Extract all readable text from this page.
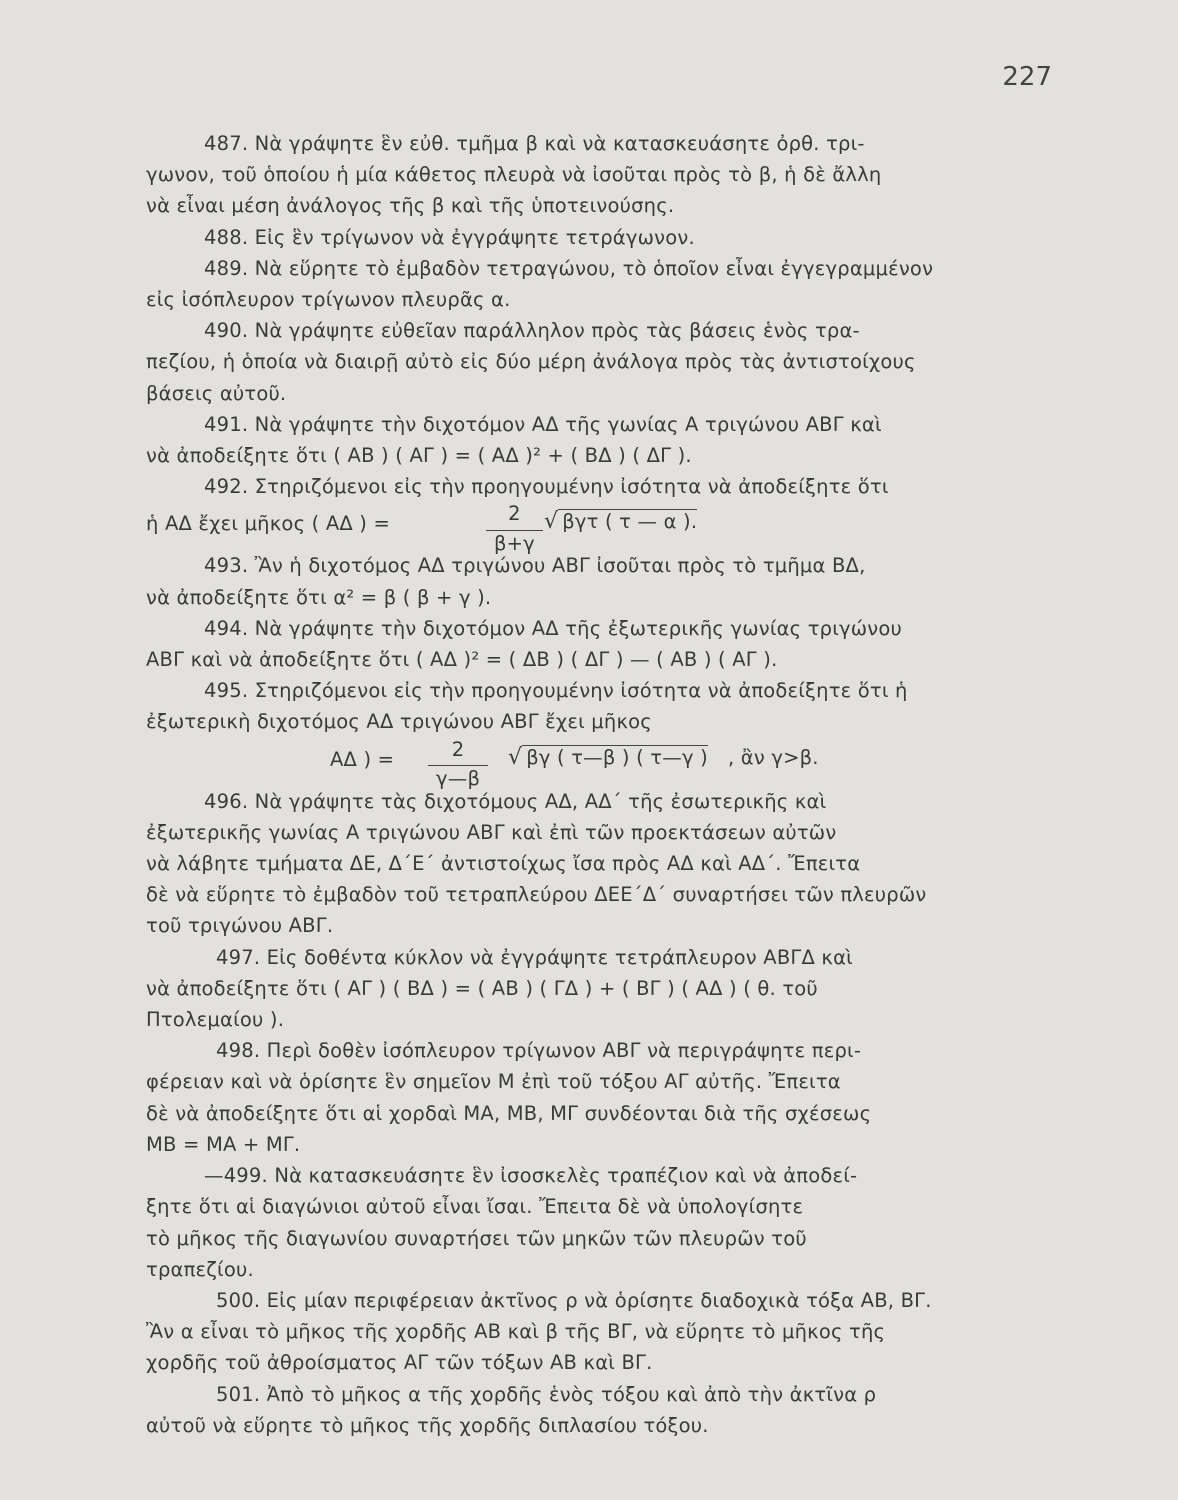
227
487. Νὰ γράψητε ἓν εὐθ. τμῆμα β καὶ νὰ κατασκευάσητε ὀρθ. τρι-
γωνον, τοῦ ὁποίου ἡ μία κάθετος πλευρὰ νὰ ἰσοῦται πρὸς τὸ β, ἡ δὲ ἄλλη
νὰ εἶναι μέση ἀνάλογος τῆς β καὶ τῆς ὑποτεινούσης.
488. Εἰς ἓν τρίγωνον νὰ ἐγγράψητε τετράγωνον.
489. Νὰ εὕρητε τὸ ἐμβαδὸν τετραγώνου, τὸ ὁποῖον εἶναι ἐγγεγραμμένον
εἰς ἰσόπλευρον τρίγωνον πλευρᾶς α.
490. Νὰ γράψητε εὐθεῖαν παράλληλον πρὸς τὰς βάσεις ἑνὸς τρα-
πεζίου, ἡ ὁποία νὰ διαιρῇ αὐτὸ εἰς δύο μέρη ἀνάλογα πρὸς τὰς ἀντιστοίχους
βάσεις αὐτοῦ.
491. Νὰ γράψητε τὴν διχοτόμον ΑΔ τῆς γωνίας Α τριγώνου ΑΒΓ καὶ
νὰ ἀποδείξητε ὅτι ( ΑΒ ) ( ΑΓ ) = ( ΑΔ )² + ( ΒΔ ) ( ΔΓ ).
492. Στηριζόμενοι εἰς τὴν προηγουμένην ἰσότητα νὰ ἀποδείξητε ὅτι
ἡ ΑΔ ἔχει μῆκος ( ΑΔ ) =	$\frac{2}{\beta+\gamma}$ √ βγτ ( τ — α ).
493. Ἂν ἡ διχοτόμος ΑΔ τριγώνου ΑΒΓ ἰσοῦται πρὸς τὸ τμῆμα ΒΔ,
νὰ ἀποδείξητε ὅτι α² = β ( β + γ ).
494. Νὰ γράψητε τὴν διχοτόμον ΑΔ τῆς ἐξωτερικῆς γωνίας τριγώνου
ΑΒΓ καὶ νὰ ἀποδείξητε ὅτι ( ΑΔ )² = ( ΔΒ ) ( ΔΓ ) — ( ΑΒ ) ( ΑΓ ).
495. Στηριζόμενοι εἰς τὴν προηγουμένην ἰσότητα νὰ ἀποδείξητε ὅτι ἡ
ἐξωτερικὴ διχοτόμος ΑΔ τριγώνου ΑΒΓ ἔχει μῆκος
ΑΔ ) = $\frac{2}{\gamma—\beta}$ √ βγ ( τ—β ) ( τ—γ ) , ἂν γ>β.
496. Νὰ γράψητε τὰς διχοτόμους ΑΔ, ΑΔ΄ τῆς ἐσωτερικῆς καὶ
ἐξωτερικῆς γωνίας Α τριγώνου ΑΒΓ καὶ ἐπὶ τῶν προεκτάσεων αὐτῶν
νὰ λάβητε τμήματα ΔΕ, Δ΄Ε΄ ἀντιστοίχως ἴσα πρὸς ΑΔ καὶ ΑΔ΄. Ἔπειτα
δὲ νὰ εὕρητε τὸ ἐμβαδὸν τοῦ τετραπλεύρου ΔΕΕ΄Δ΄ συναρτήσει τῶν πλευρῶν
τοῦ τριγώνου ΑΒΓ.
497. Εἰς δοθέντα κύκλον νὰ ἐγγράψητε τετράπλευρον ΑΒΓΔ καὶ
νὰ ἀποδείξητε ὅτι ( ΑΓ ) ( ΒΔ ) = ( ΑΒ ) ( ΓΔ ) + ( ΒΓ ) ( ΑΔ ) ( θ. τοῦ
Πτολεμαίου ).
498. Περὶ δοθὲν ἰσόπλευρον τρίγωνον ΑΒΓ νὰ περιγράψητε περι-
φέρειαν καὶ νὰ ὁρίσητε ἓν σημεῖον Μ ἐπὶ τοῦ τόξου ΑΓ αὐτῆς. Ἔπειτα
δὲ νὰ ἀποδείξητε ὅτι αἱ χορδαὶ ΜΑ, ΜΒ, ΜΓ συνδέονται διὰ τῆς σχέσεως
ΜΒ = ΜΑ + ΜΓ.
—499. Νὰ κατασκευάσητε ἓν ἰσοσκελὲς τραπέζιον καὶ νὰ ἀποδεί-
ξητε ὅτι αἱ διαγώνιοι αὐτοῦ εἶναι ἴσαι. Ἔπειτα δὲ νὰ ὑπολογίσητε
τὸ μῆκος τῆς διαγωνίου συναρτήσει τῶν μηκῶν τῶν πλευρῶν τοῦ
τραπεζίου.
500. Εἰς μίαν περιφέρειαν ἀκτῖνος ρ νὰ ὁρίσητε διαδοχικὰ τόξα ΑΒ, ΒΓ.
Ἂν α εἶναι τὸ μῆκος τῆς χορδῆς ΑΒ καὶ β τῆς ΒΓ, νὰ εὕρητε τὸ μῆκος τῆς
χορδῆς τοῦ ἀθροίσματος ΑΓ τῶν τόξων ΑΒ καὶ ΒΓ.
501. Ἀπὸ τὸ μῆκος α τῆς χορδῆς ἑνὸς τόξου καὶ ἀπὸ τὴν ἀκτῖνα ρ
αὐτοῦ νὰ εὕρητε τὸ μῆκος τῆς χορδῆς διπλασίου τόξου.
